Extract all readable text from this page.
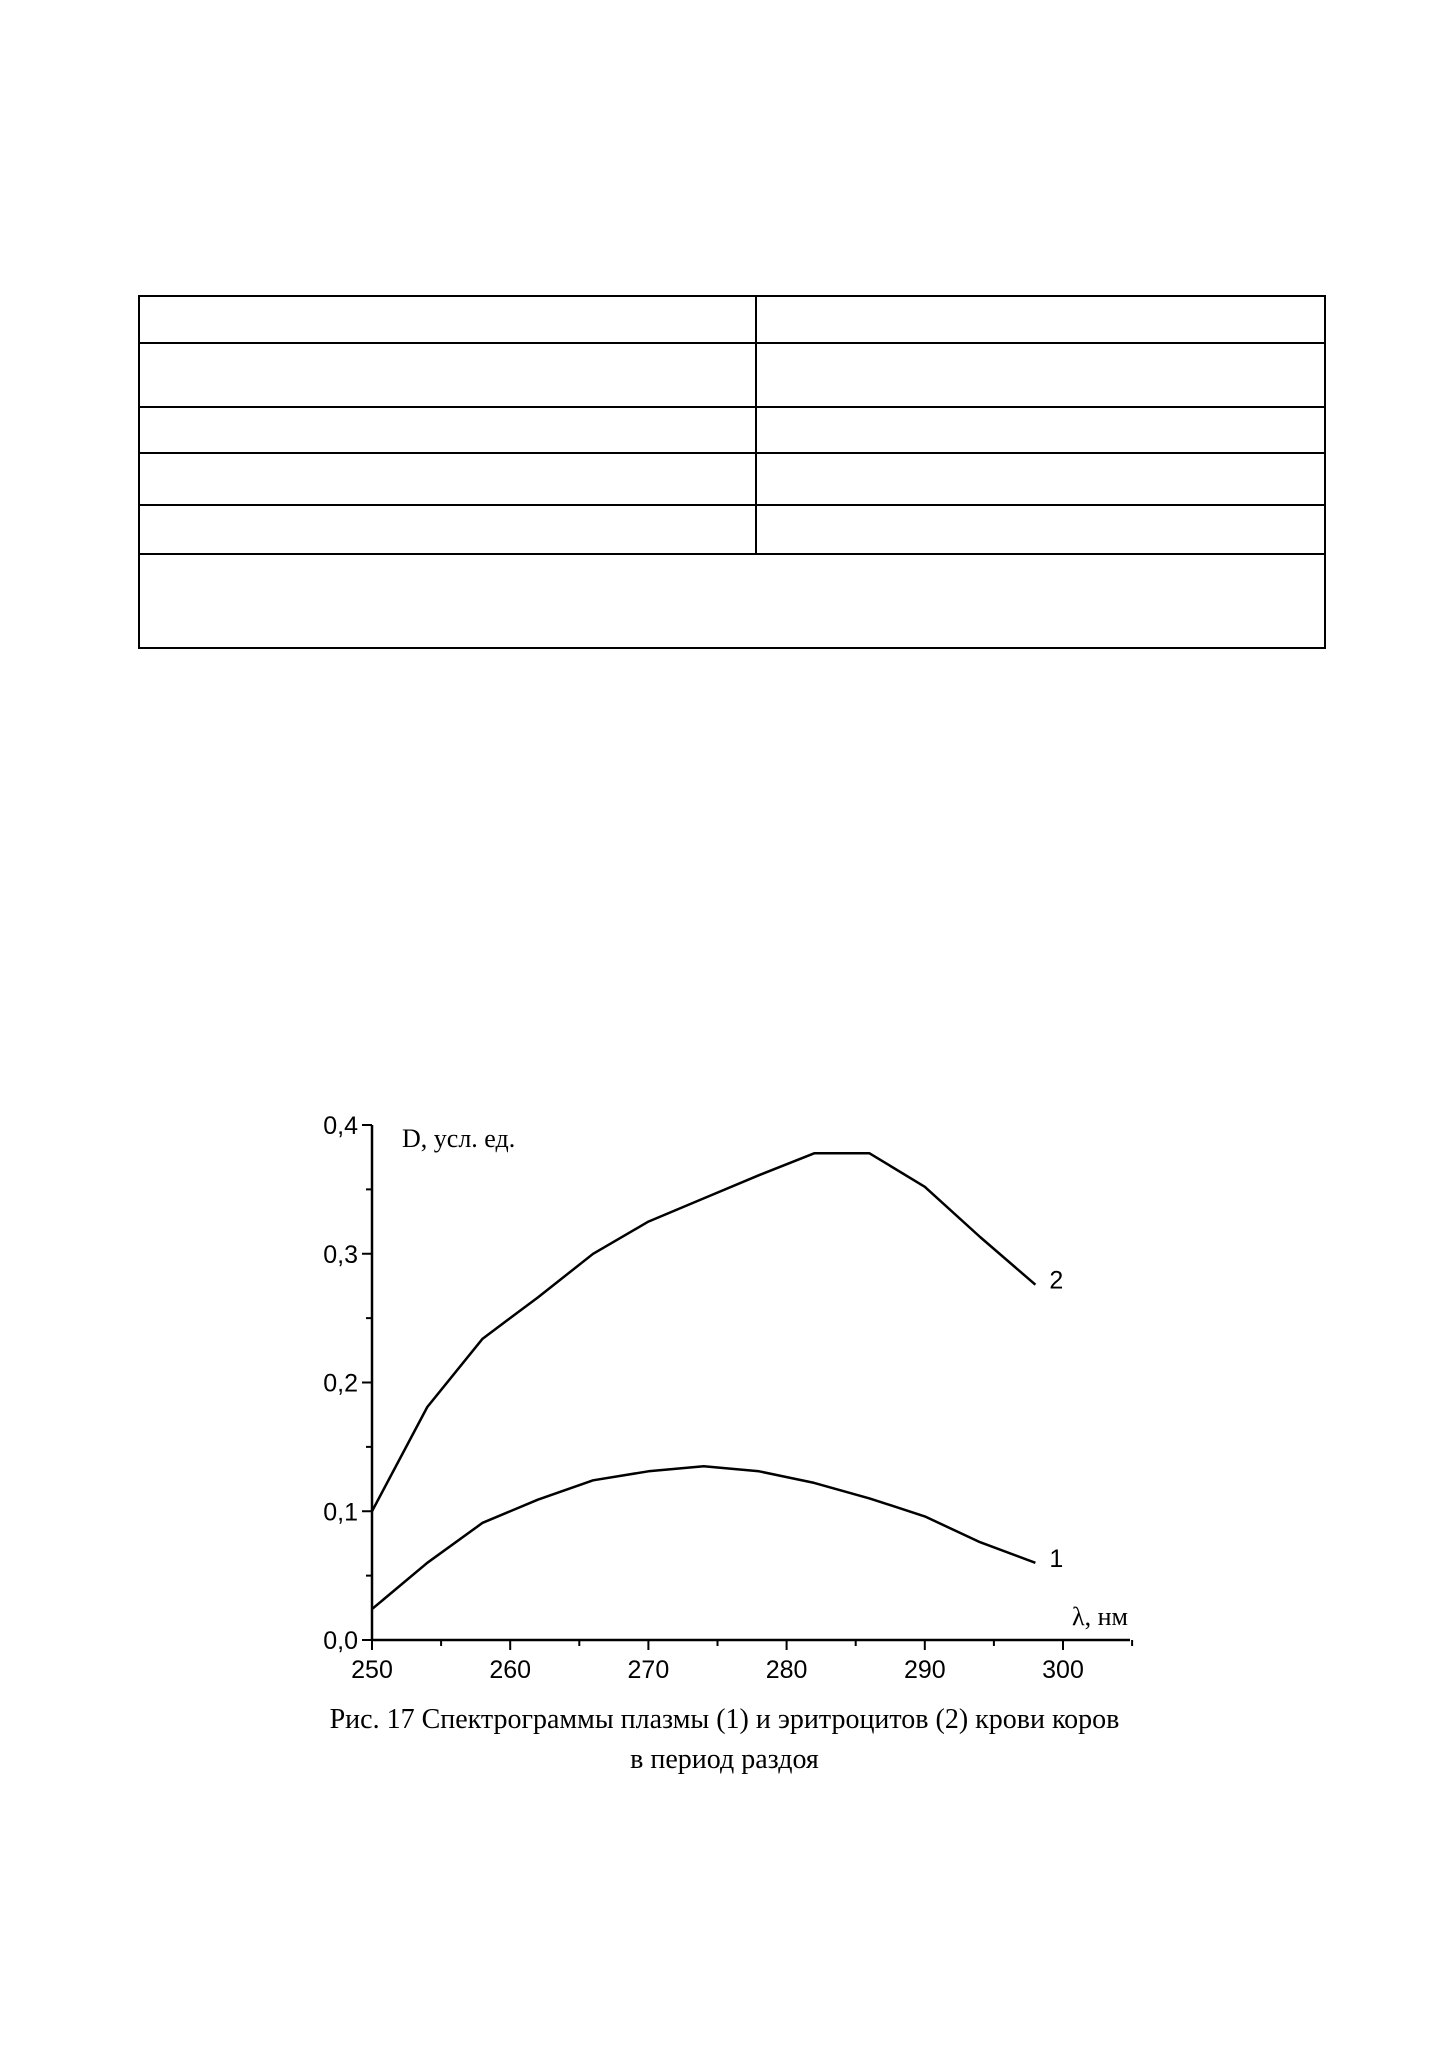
0,0
0,1
0,2
0,3
0,4
250	260	270	280	290	300
1
2
D, усл. ед.
λ, нм
Рис. 17 Спектрограммы плазмы (1) и эритроцитов (2) крови коров
в период раздоя
